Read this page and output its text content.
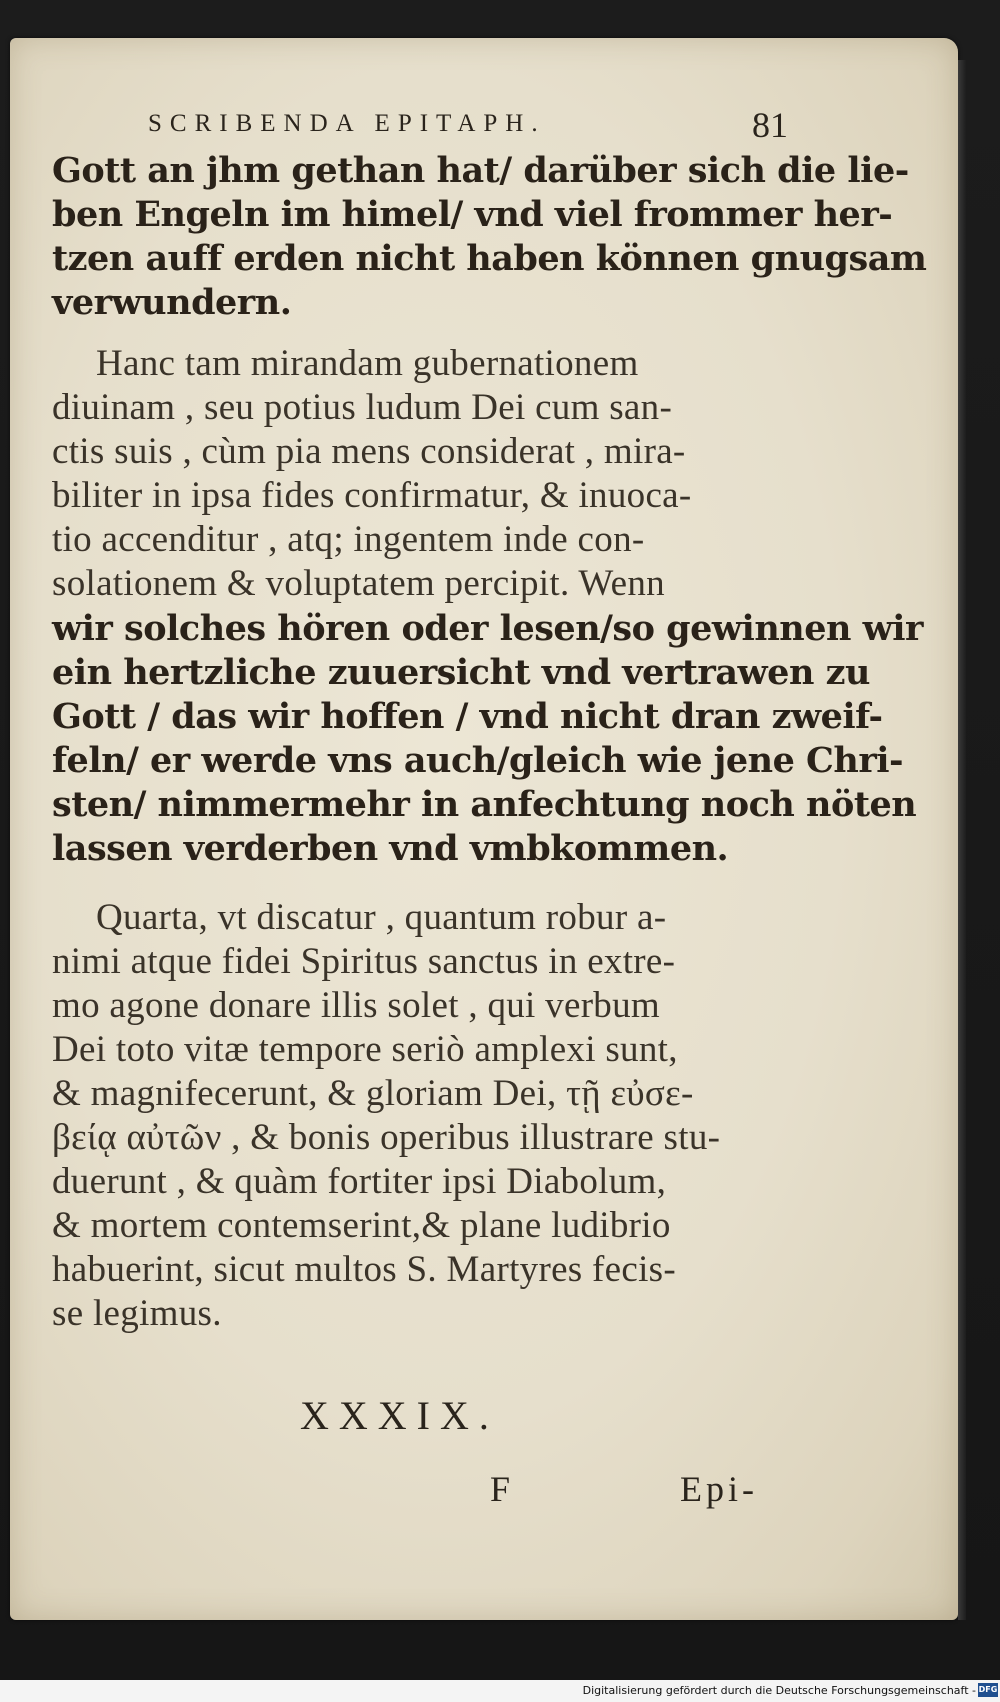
SCRIBENDA EPITAPH.	81
Gott an jhm gethan hat/ darüber sich die lie-
ben Engeln im himel/ vnd viel frommer her-
tzen auff erden nicht haben können gnugsam
verwundern.
Hanc tam mirandam gubernationem
diuinam , seu potius ludum Dei cum san-
ctis suis , cùm pia mens considerat , mira-
biliter in ipsa fides confirmatur, & inuoca-
tio accenditur , atq; ingentem inde con-
solationem & voluptatem percipit. Wenn
wir solches hören oder lesen/so gewinnen wir
ein hertzliche zuuersicht vnd vertrawen zu
Gott / das wir hoffen / vnd nicht dran zweif-
feln/ er werde vns auch/gleich wie jene Chri-
sten/ nimmermehr in anfechtung noch nöten
lassen verderben vnd vmbkommen.
Quarta, vt discatur , quantum robur a-
nimi atque fidei Spiritus sanctus in extre-
mo agone donare illis solet , qui verbum
Dei toto vitæ tempore seriò amplexi sunt,
& magnifecerunt, & gloriam Dei, τῇ εὐσε-
βείᾳ αὐτῶν , & bonis operibus illustrare stu-
duerunt , & quàm fortiter ipsi Diabolum,
& mortem contemserint,& plane ludibrio
habuerint, sicut multos S. Martyres fecis-
se legimus.
XXXIX.
F	Epi-
Digitalisierung gefördert durch die Deutsche Forschungsgemeinschaft - DFG
